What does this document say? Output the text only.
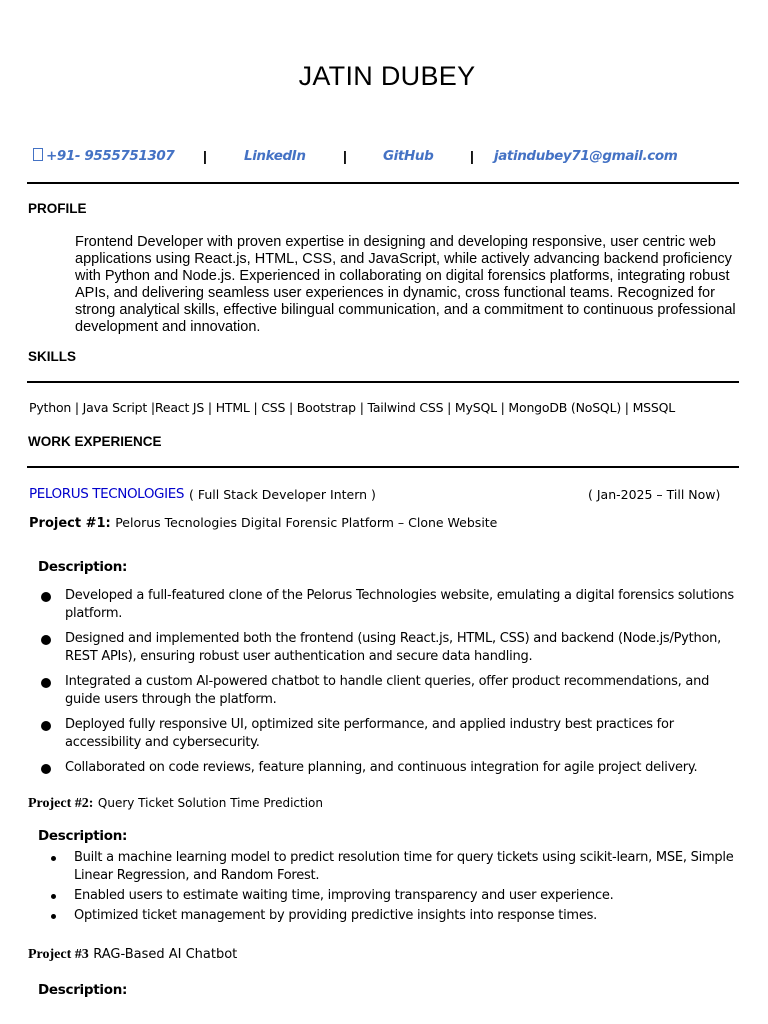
JATIN DUBEY
+91- 9555751307 |	LinkedIn	|	GitHub	| jatindubey71@gmail.com
PROFILE
Frontend Developer with proven expertise in designing and developing responsive, user centric web applications using React.js, HTML, CSS, and JavaScript, while actively advancing backend proficiency with Python and Node.js. Experienced in collaborating on digital forensics platforms, integrating robust APIs, and delivering seamless user experiences in dynamic, cross functional teams. Recognized for strong analytical skills, effective bilingual communication, and a commitment to continuous professional development and innovation.
SKILLS
Python | Java Script |React JS | HTML | CSS | Bootstrap | Tailwind CSS | MySQL | MongoDB (NoSQL) | MSSQL
WORK EXPERIENCE
PELORUS TECNOLOGIES ( Full Stack Developer Intern )	( Jan-2025 – Till Now)
Project #1: Pelorus Tecnologies Digital Forensic Platform – Clone Website
Description:
Developed a full-featured clone of the Pelorus Technologies website, emulating a digital forensics solutions platform.
Designed and implemented both the frontend (using React.js, HTML, CSS) and backend (Node.js/Python, REST APIs), ensuring robust user authentication and secure data handling.
Integrated a custom AI-powered chatbot to handle client queries, offer product recommendations, and guide users through the platform.
Deployed fully responsive UI, optimized site performance, and applied industry best practices for accessibility and cybersecurity.
Collaborated on code reviews, feature planning, and continuous integration for agile project delivery.
Project #2: Query Ticket Solution Time Prediction
Description:
Built a machine learning model to predict resolution time for query tickets using scikit-learn, MSE, Simple Linear Regression, and Random Forest.
Enabled users to estimate waiting time, improving transparency and user experience.
Optimized ticket management by providing predictive insights into response times.
Project #3 RAG-Based AI Chatbot
Description:
